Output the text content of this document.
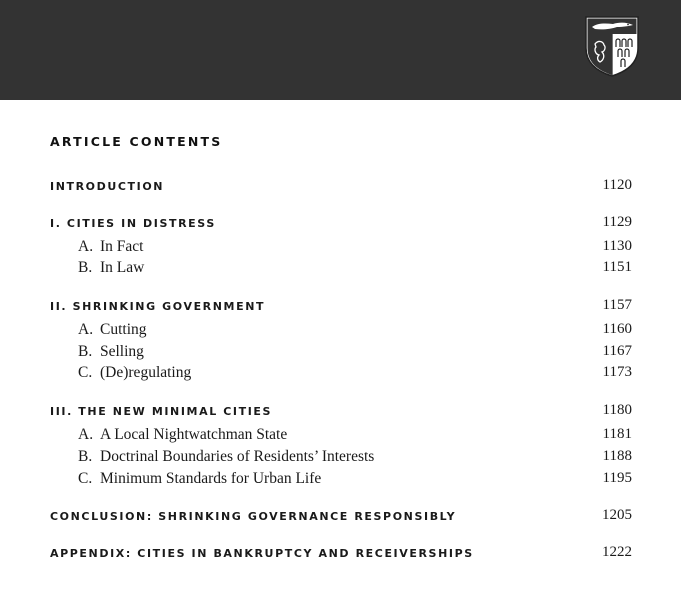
ARTICLE CONTENTS
INTRODUCTION	1120
I. CITIES IN DISTRESS	1129
A. In Fact	1130
B. In Law	1151
II. SHRINKING GOVERNMENT	1157
A. Cutting	1160
B. Selling	1167
C. (De)regulating	1173
III. THE NEW MINIMAL CITIES	1180
A. A Local Nightwatchman State	1181
B. Doctrinal Boundaries of Residents’ Interests	1188
C. Minimum Standards for Urban Life	1195
CONCLUSION: SHRINKING GOVERNANCE RESPONSIBLY	1205
APPENDIX: CITIES IN BANKRUPTCY AND RECEIVERSHIPS	1222
